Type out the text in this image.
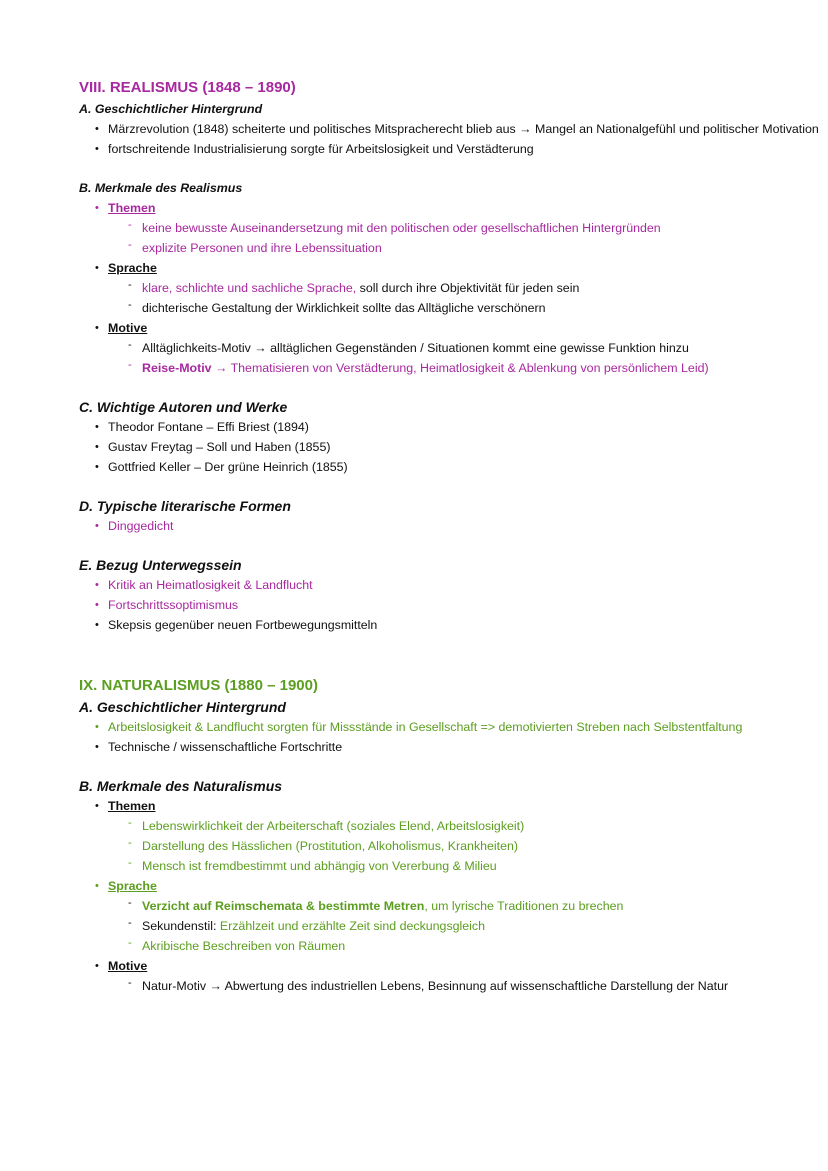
VIII. REALISMUS (1848 – 1890)
A. Geschichtlicher Hintergrund
• Märzrevolution (1848) scheiterte und politisches Mitspracherecht blieb aus → Mangel an Nationalgefühl und politischer Motivation
• fortschreitende Industrialisierung sorgte für Arbeitslosigkeit und Verstädterung
B. Merkmale des Realismus
• Themen
- keine bewusste Auseinandersetzung mit den politischen oder gesellschaftlichen Hintergründen
- explizite Personen und ihre Lebenssituation
• Sprache
- klare, schlichte und sachliche Sprache, soll durch ihre Objektivität für jeden sein
- dichterische Gestaltung der Wirklichkeit sollte das Alltägliche verschönern
• Motive
- Alltäglichkeits-Motiv → alltäglichen Gegenständen / Situationen kommt eine gewisse Funktion hinzu
- Reise-Motiv → Thematisieren von Verstädterung, Heimatlosigkeit & Ablenkung von persönlichem Leid)
C. Wichtige Autoren und Werke
• Theodor Fontane – Effi Briest (1894)
• Gustav Freytag – Soll und Haben (1855)
• Gottfried Keller – Der grüne Heinrich (1855)
D. Typische literarische Formen
• Dinggedicht
E. Bezug Unterwegssein
• Kritik an Heimatlosigkeit & Landflucht
• Fortschrittssoptimismus
• Skepsis gegenüber neuen Fortbewegungsmitteln
IX. NATURALISMUS (1880 – 1900)
A. Geschichtlicher Hintergrund
• Arbeitslosigkeit & Landflucht sorgten für Missstände in Gesellschaft => demotivierten Streben nach Selbstentfaltung
• Technische / wissenschaftliche Fortschritte
B. Merkmale des Naturalismus
• Themen
- Lebenswirklichkeit der Arbeiterschaft (soziales Elend, Arbeitslosigkeit)
- Darstellung des Hässlichen (Prostitution, Alkoholismus, Krankheiten)
- Mensch ist fremdbestimmt und abhängig von Vererbung & Milieu
• Sprache
- Verzicht auf Reimschemata & bestimmte Metren, um lyrische Traditionen zu brechen
- Sekundenstil: Erzählzeit und erzählte Zeit sind deckungsgleich
- Akribische Beschreiben von Räumen
• Motive
- Natur-Motiv → Abwertung des industriellen Lebens, Besinnung auf wissenschaftliche Darstellung der Natur
